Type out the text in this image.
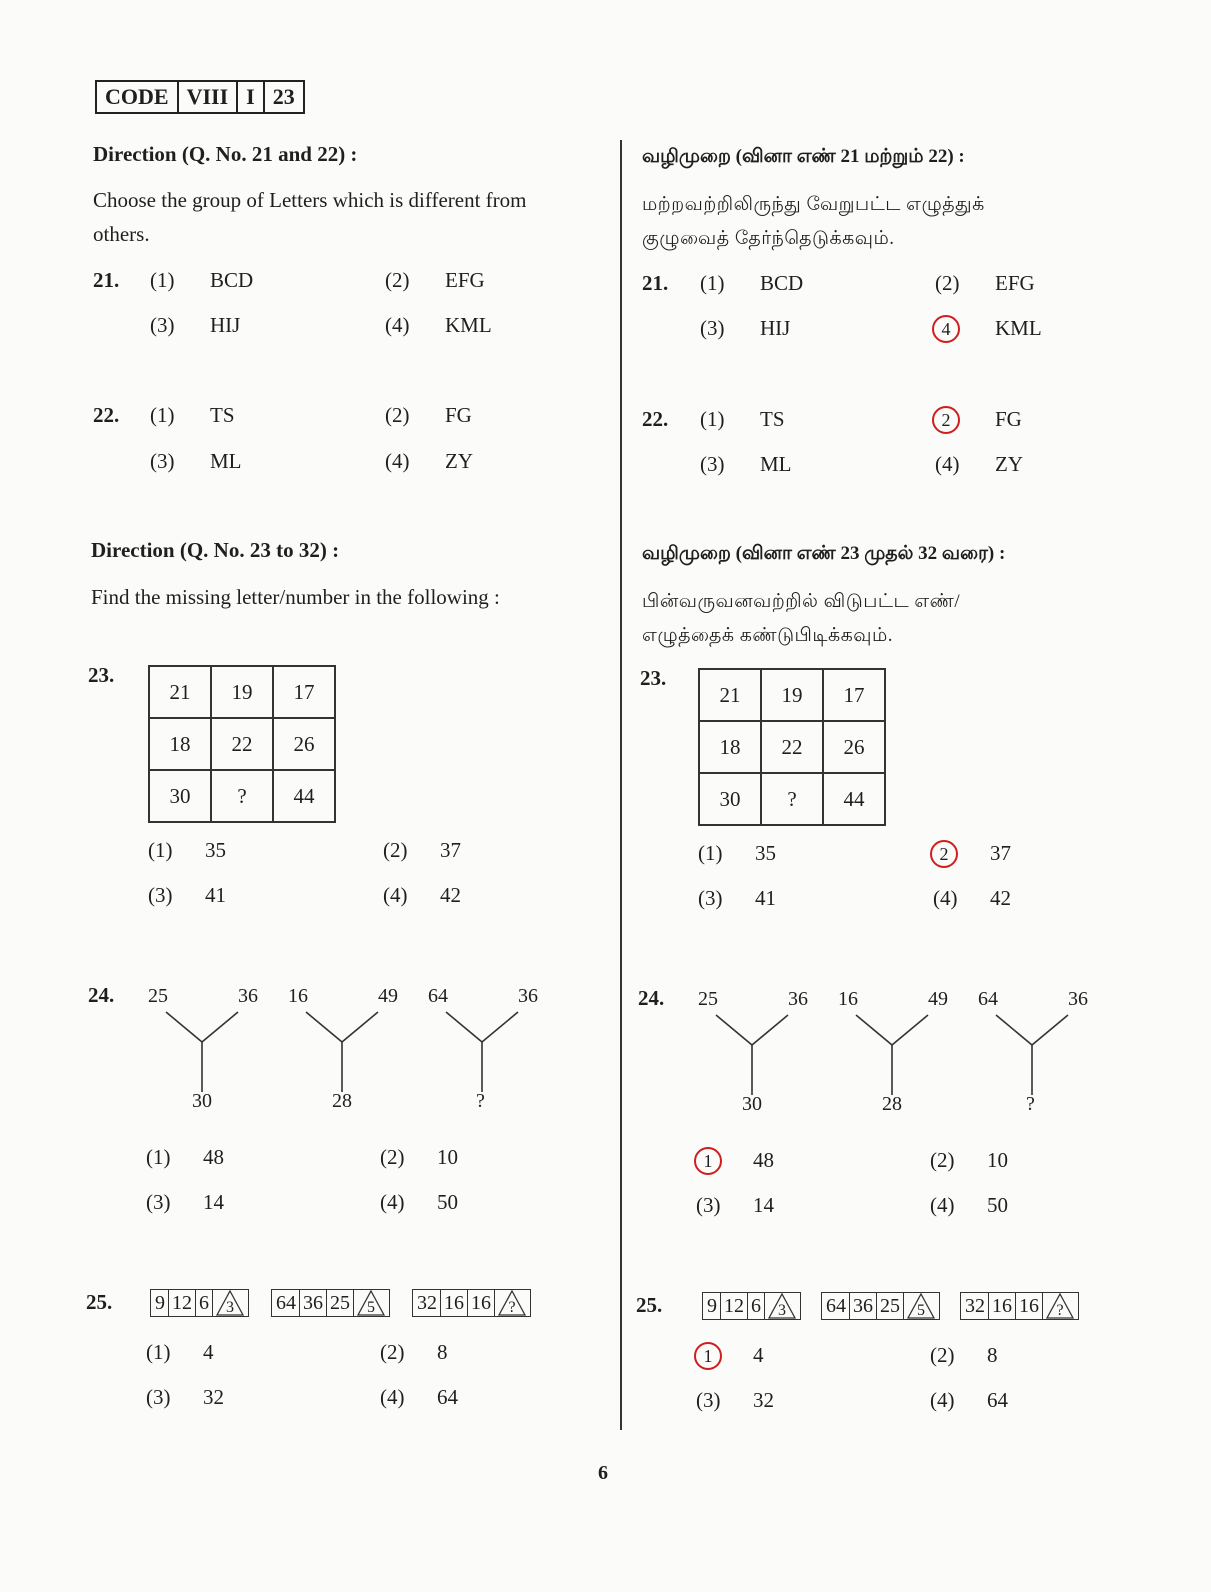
CODE VIII I 23
Direction (Q. No. 21 and 22) :
Choose the group of Letters which is different from
others.
21. (1) BCD	(2) EFG
(3) HIJ	(4) KML
22. (1) TS	(2) FG
(3) ML	(4) ZY
Direction (Q. No. 23 to 32) :
Find the missing letter/number in the following :
23.
21	19	17
18	22	26
30	?	44
(1) 35	(2) 37
(3) 41	(4) 42
24. 25	36
30
16	49
28
64	36
?
(1) 48	(2) 10
(3) 14	(4) 50
25. 9 12 6	3	64 36 25	5	32 16 16	?
(1) 4	(2) 8
(3) 32	(4) 64
வழிமுறை (வினா எண் 21 மற்றும் 22) :
மற்றவற்றிலிருந்து வேறுபட்ட எழுத்துக்
குழுவைத் தேர்ந்தெடுக்கவும்.
21. (1) BCD	(2) EFG
(3) HIJ	4	KML
22. (1) TS	2	FG
(3) ML	(4) ZY
வழிமுறை (வினா எண் 23 முதல் 32 வரை) :
பின்வருவனவற்றில் விடுபட்ட எண்/
எழுத்தைக் கண்டுபிடிக்கவும்.
23.
21	19	17
18	22	26
30	?	44
(1) 35	2	37
(3) 41	(4) 42
24. 25	36
30
16	49
28
64	36
?
1	48	(2) 10
(3) 14	(4) 50
25. 9 12 6	3	64 36 25	5	32 16 16	?
1	4	(2) 8
(3) 32	(4) 64
6
